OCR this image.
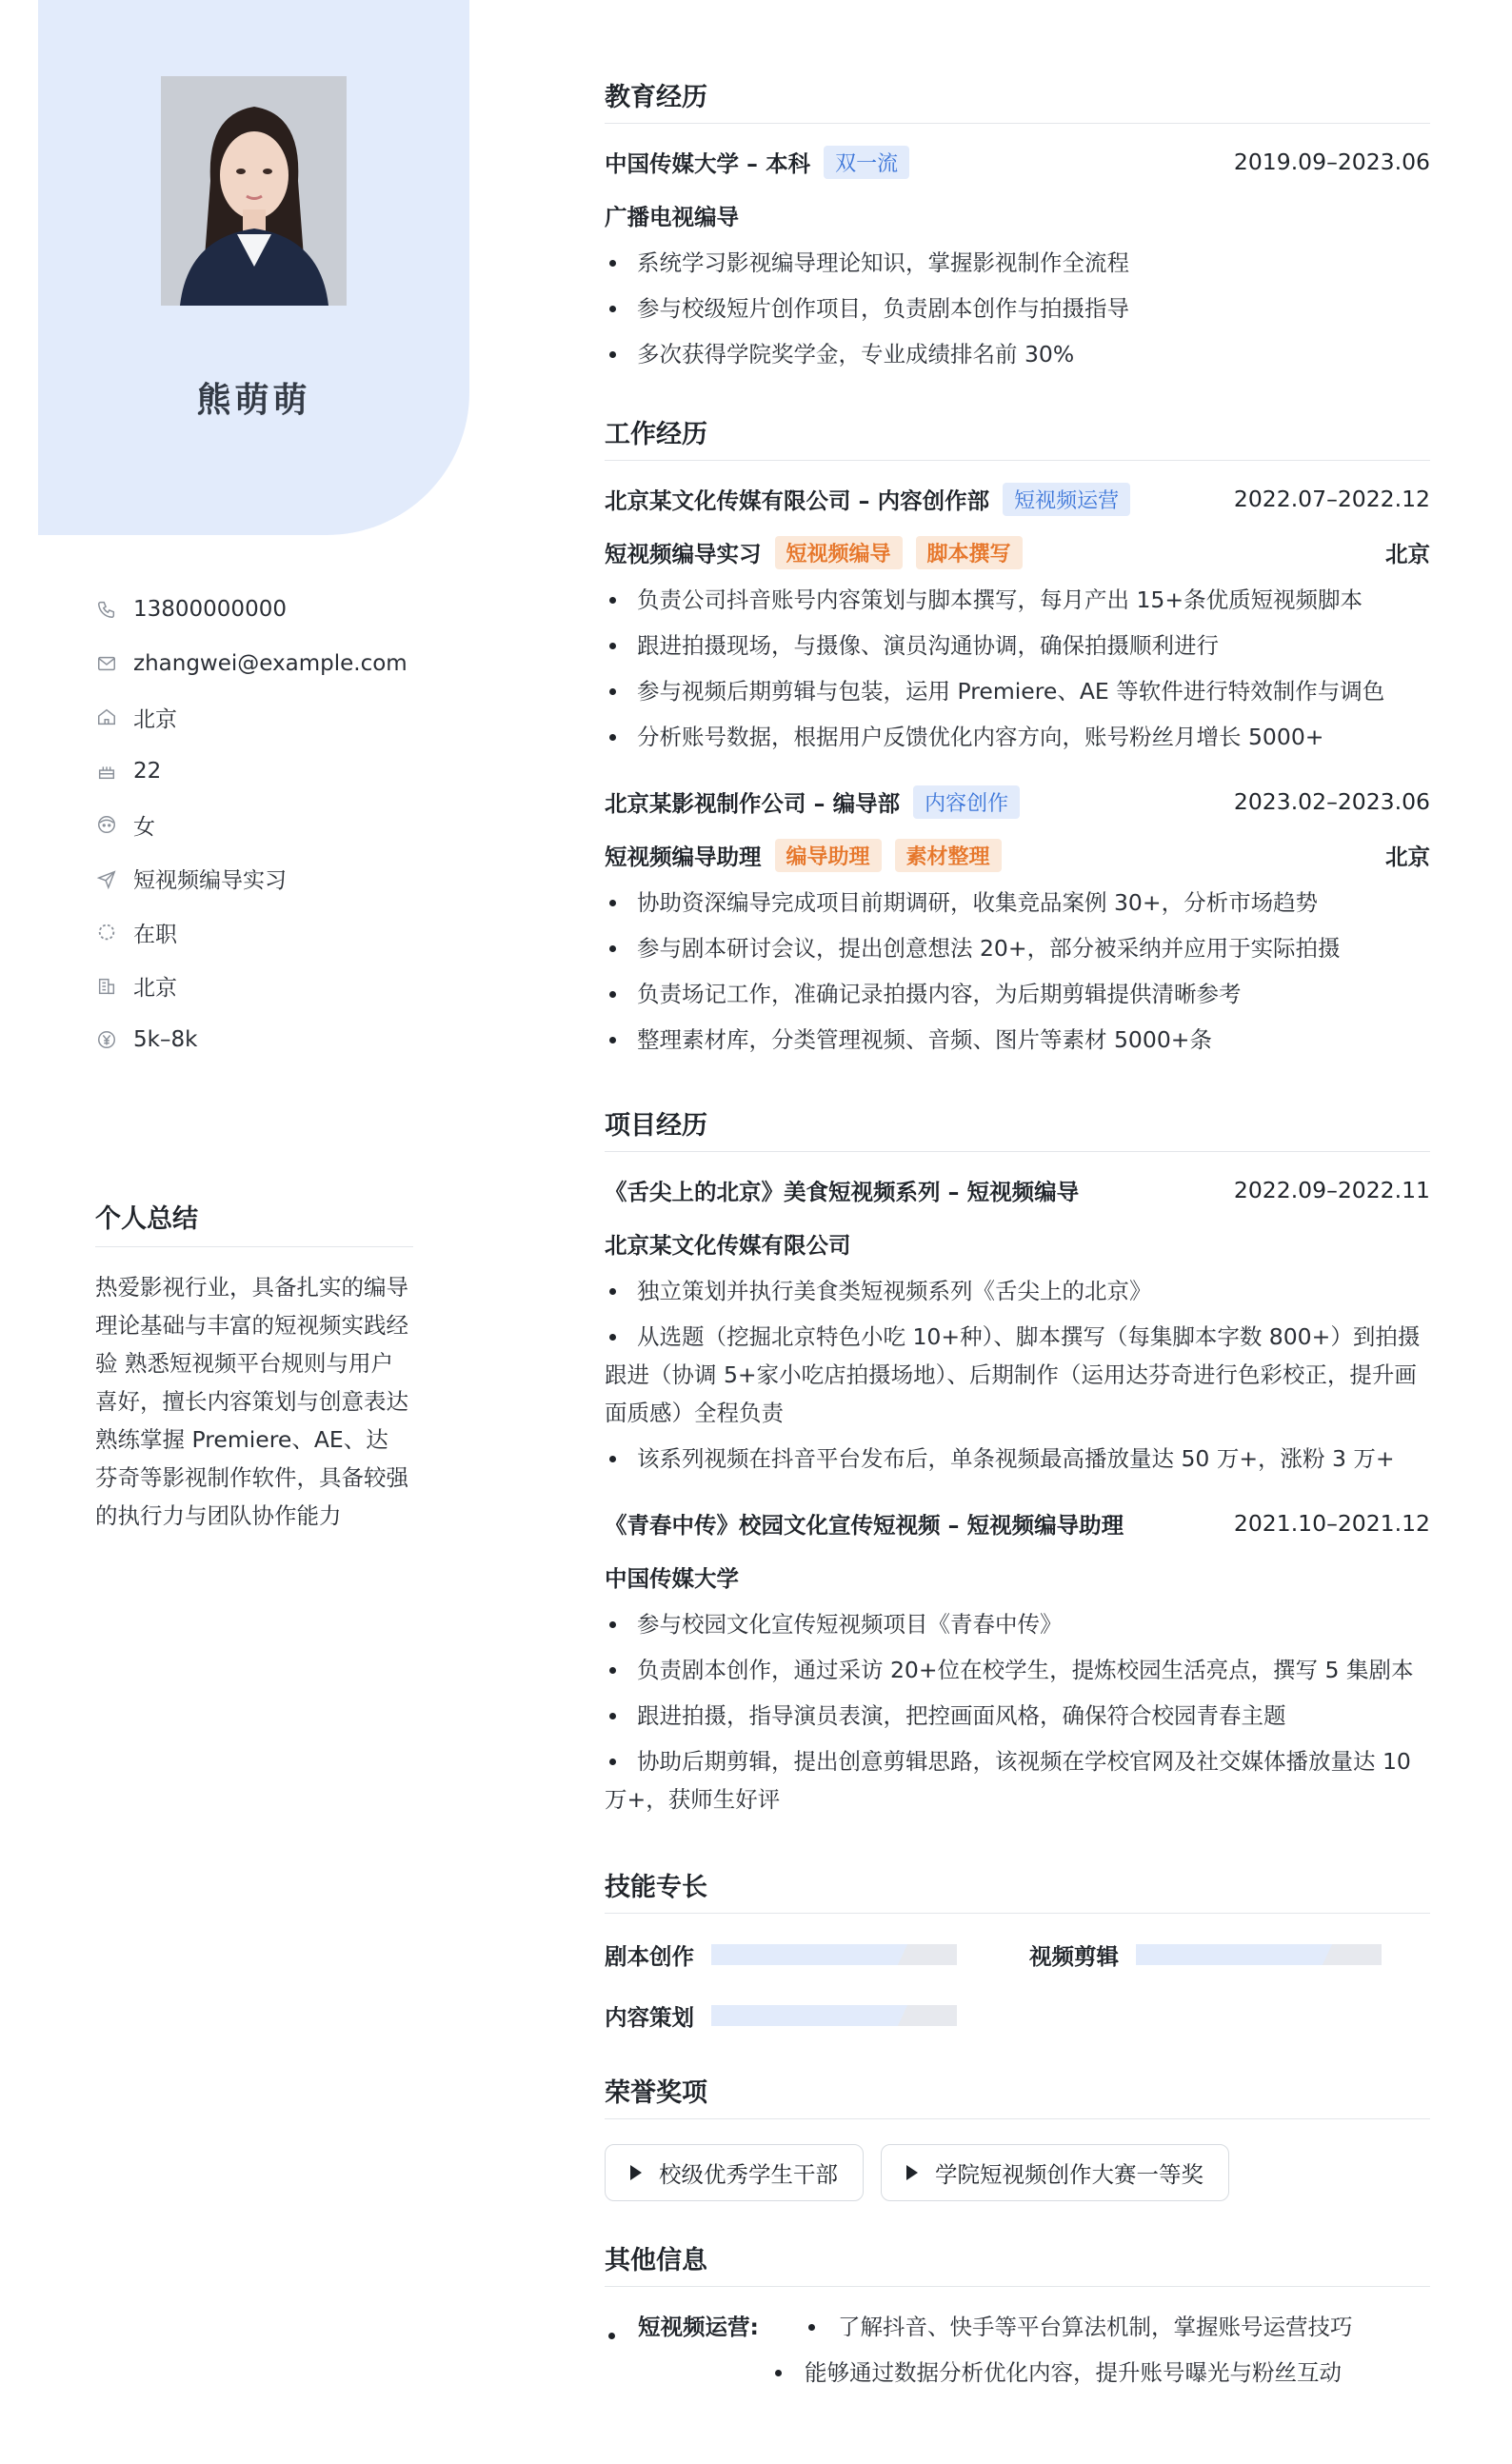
熊萌萌
13800000000
zhangwei@example.com
北京
22
女
短视频编导实习
在职
北京
5k–8k
个人总结
热爱影视行业，具备扎实的编导理论基础与丰富的短视频实践经验 熟悉短视频平台规则与用户喜好，擅长内容策划与创意表达 熟练掌握 Premiere、AE、达芬奇等影视制作软件，具备较强的执行力与团队协作能力
教育经历
中国传媒大学 – 本科	双一流	2019.09–2023.06
广播电视编导
系统学习影视编导理论知识，掌握影视制作全流程
参与校级短片创作项目，负责剧本创作与拍摄指导
多次获得学院奖学金，专业成绩排名前 30%
工作经历
北京某文化传媒有限公司 – 内容创作部	短视频运营	2022.07–2022.12
短视频编导实习	短视频编导	脚本撰写	北京
负责公司抖音账号内容策划与脚本撰写，每月产出 15+条优质短视频脚本
跟进拍摄现场，与摄像、演员沟通协调，确保拍摄顺利进行
参与视频后期剪辑与包装，运用 Premiere、AE 等软件进行特效制作与调色
分析账号数据，根据用户反馈优化内容方向，账号粉丝月增长 5000+
北京某影视制作公司 – 编导部	内容创作	2023.02–2023.06
短视频编导助理	编导助理	素材整理	北京
协助资深编导完成项目前期调研，收集竞品案例 30+，分析市场趋势
参与剧本研讨会议，提出创意想法 20+，部分被采纳并应用于实际拍摄
负责场记工作，准确记录拍摄内容，为后期剪辑提供清晰参考
整理素材库，分类管理视频、音频、图片等素材 5000+条
项目经历
《舌尖上的北京》美食短视频系列 – 短视频编导	2022.09–2022.11
北京某文化传媒有限公司
独立策划并执行美食类短视频系列《舌尖上的北京》
从选题（挖掘北京特色小吃 10+种）、脚本撰写（每集脚本字数 800+）到拍摄跟进（协调 5+家小吃店拍摄场地）、后期制作（运用达芬奇进行色彩校正，提升画面质感）全程负责
该系列视频在抖音平台发布后，单条视频最高播放量达 50 万+，涨粉 3 万+
《青春中传》校园文化宣传短视频 – 短视频编导助理	2021.10–2021.12
中国传媒大学
参与校园文化宣传短视频项目《青春中传》
负责剧本创作，通过采访 20+位在校学生，提炼校园生活亮点，撰写 5 集剧本
跟进拍摄，指导演员表演，把控画面风格，确保符合校园青春主题
协助后期剪辑，提出创意剪辑思路，该视频在学校官网及社交媒体播放量达 10 万+，获师生好评
技能专长
剧本创作	视频剪辑
内容策划
荣誉奖项
校级优秀学生干部	学院短视频创作大赛一等奖
其他信息
短视频运营:	了解抖音、快手等平台算法机制，掌握账号运营技巧
能够通过数据分析优化内容，提升账号曝光与粉丝互动
